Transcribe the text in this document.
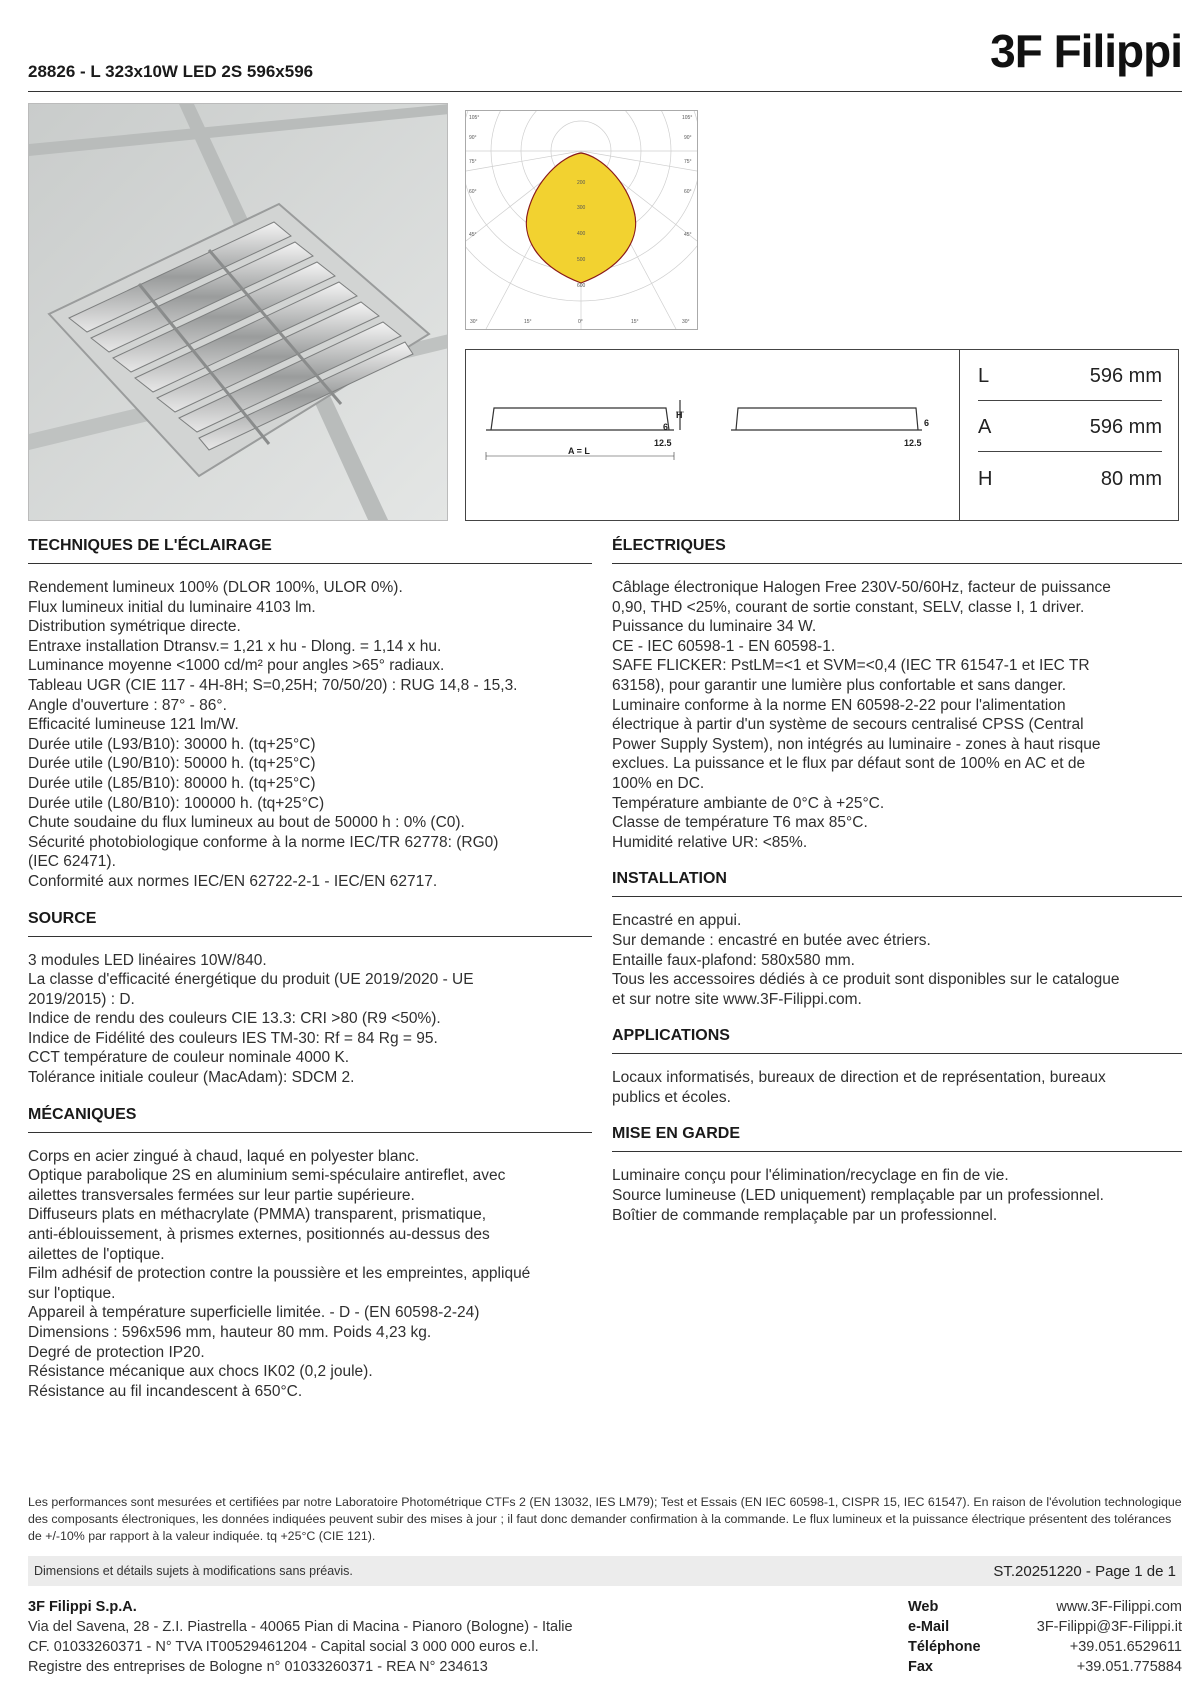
28826 - L 323x10W LED 2S 596x596	3F Filippi
105°
90°
75°
60°
45°
105°
90°
75°
60°
45°
30°	15°	0°	15°	30°
200
300
400
500
600
H
6
12.5
6
12.5
A = L
L	596 mm
A	596 mm
H	80 mm
TECHNIQUES DE L'ÉCLAIRAGE
Rendement lumineux 100% (DLOR 100%, ULOR 0%).
Flux lumineux initial du luminaire 4103 lm.
Distribution symétrique directe.
Entraxe installation Dtransv.= 1,21 x hu - Dlong. = 1,14 x hu.
Luminance moyenne <1000 cd/m² pour angles >65° radiaux.
Tableau UGR (CIE 117 - 4H-8H; S=0,25H; 70/50/20) : RUG 14,8 - 15,3.
Angle d'ouverture : 87° - 86°.
Efficacité lumineuse 121 lm/W.
Durée utile (L93/B10): 30000 h. (tq+25°C)
Durée utile (L90/B10): 50000 h. (tq+25°C)
Durée utile (L85/B10): 80000 h. (tq+25°C)
Durée utile (L80/B10): 100000 h. (tq+25°C)
Chute soudaine du flux lumineux au bout de 50000 h : 0% (C0).
Sécurité photobiologique conforme à la norme IEC/TR 62778: (RG0)
(IEC 62471).
Conformité aux normes IEC/EN 62722-2-1 - IEC/EN 62717.
SOURCE
3 modules LED linéaires 10W/840.
La classe d'efficacité énergétique du produit (UE 2019/2020 - UE
2019/2015) : D.
Indice de rendu des couleurs CIE 13.3: CRI >80 (R9 <50%).
Indice de Fidélité des couleurs IES TM-30: Rf = 84 Rg = 95.
CCT température de couleur nominale 4000 K.
Tolérance initiale couleur (MacAdam): SDCM 2.
MÉCANIQUES
Corps en acier zingué à chaud, laqué en polyester blanc.
Optique parabolique 2S en aluminium semi-spéculaire antireflet, avec
ailettes transversales fermées sur leur partie supérieure.
Diffuseurs plats en méthacrylate (PMMA) transparent, prismatique,
anti-éblouissement, à prismes externes, positionnés au-dessus des
ailettes de l'optique.
Film adhésif de protection contre la poussière et les empreintes, appliqué
sur l'optique.
Appareil à température superficielle limitée. - D - (EN 60598-2-24)
Dimensions : 596x596 mm, hauteur 80 mm. Poids 4,23 kg.
Degré de protection IP20.
Résistance mécanique aux chocs IK02 (0,2 joule).
Résistance au fil incandescent à 650°C.
ÉLECTRIQUES
Câblage électronique Halogen Free 230V-50/60Hz, facteur de puissance
0,90, THD <25%, courant de sortie constant, SELV, classe I, 1 driver.
Puissance du luminaire 34 W.
CE - IEC 60598-1 - EN 60598-1.
SAFE FLICKER: PstLM=<1 et SVM=<0,4 (IEC TR 61547-1 et IEC TR
63158), pour garantir une lumière plus confortable et sans danger.
Luminaire conforme à la norme EN 60598-2-22 pour l'alimentation
électrique à partir d'un système de secours centralisé CPSS (Central
Power Supply System), non intégrés au luminaire - zones à haut risque
exclues. La puissance et le flux par défaut sont de 100% en AC et de
100% en DC.
Température ambiante de 0°C à +25°C.
Classe de température T6 max 85°C.
Humidité relative UR: <85%.
INSTALLATION
Encastré en appui.
Sur demande : encastré en butée avec étriers.
Entaille faux-plafond: 580x580 mm.
Tous les accessoires dédiés à ce produit sont disponibles sur le catalogue
et sur notre site www.3F-Filippi.com.
APPLICATIONS
Locaux informatisés, bureaux de direction et de représentation, bureaux
publics et écoles.
MISE EN GARDE
Luminaire conçu pour l'élimination/recyclage en fin de vie.
Source lumineuse (LED uniquement) remplaçable par un professionnel.
Boîtier de commande remplaçable par un professionnel.
Les performances sont mesurées et certifiées par notre Laboratoire Photométrique CTFs 2 (EN 13032, IES LM79); Test et Essais (EN IEC 60598-1, CISPR 15, IEC 61547). En raison de l'évolution technologique des composants électroniques, les données indiquées peuvent subir des mises à jour ; il faut donc demander confirmation à la commande. Le flux lumineux et la puissance électrique présentent des tolérances de +/-10% par rapport à la valeur indiquée. tq +25°C (CIE 121).
Dimensions et détails sujets à modifications sans préavis.	ST.20251220 - Page 1 de 1
3F Filippi S.p.A.
Via del Savena, 28 - Z.I. Piastrella - 40065 Pian di Macina - Pianoro (Bologne) - Italie
CF. 01033260371 - N° TVA IT00529461204 - Capital social 3 000 000 euros e.l.
Registre des entreprises de Bologne n° 01033260371 - REA N° 234613
Web	www.3F-Filippi.com
e-Mail	3F-Filippi@3F-Filippi.it
Téléphone	+39.051.6529611
Fax	+39.051.775884
